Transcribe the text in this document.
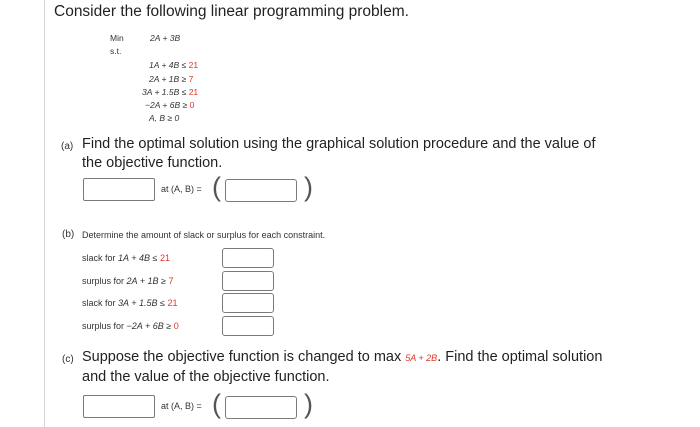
Consider the following linear programming problem.
Min	2A + 3B
s.t.
1A + 4B ≤ 21
2A + 1B ≥ 7
3A + 1.5B ≤ 21
−2A + 6B ≥ 0
A, B ≥ 0
(a) Find the optimal solution using the graphical solution procedure and the value of
the objective function.
at (A, B) = (	)
(b) Determine the amount of slack or surplus for each constraint.
slack for 1A + 4B ≤ 21
surplus for 2A + 1B ≥ 7
slack for 3A + 1.5B ≤ 21
surplus for −2A + 6B ≥ 0
(c) Suppose the objective function is changed to max 5A + 2B. Find the optimal solution
and the value of the objective function.
at (A, B) = (	)
